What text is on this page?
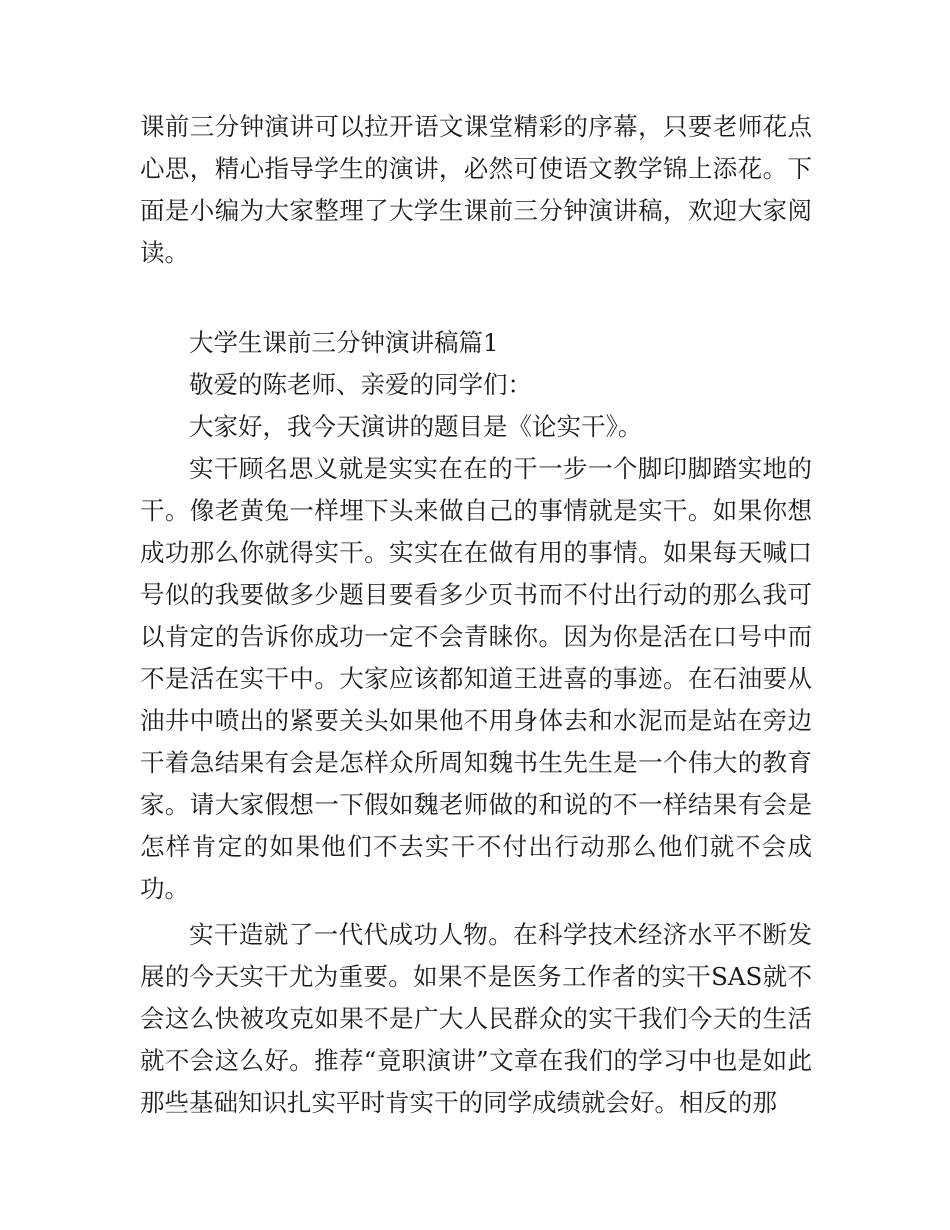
课前三分钟演讲可以拉开语文课堂精彩的序幕，只要老师花点心思，精心指导学生的演讲，必然可使语文教学锦上添花。下面是小编为大家整理了大学生课前三分钟演讲稿，欢迎大家阅读。

大学生课前三分钟演讲稿篇1

敬爱的陈老师、亲爱的同学们：

大家好，我今天演讲的题目是《论实干》。

实干顾名思义就是实实在在的干一步一个脚印脚踏实地的干。像老黄兔一样埋下头来做自己的事情就是实干。如果你想成功那么你就得实干。实实在在做有用的事情。如果每天喊口号似的我要做多少题目要看多少页书而不付出行动的那么我可以肯定的告诉你成功一定不会青睐你。因为你是活在口号中而不是活在实干中。大家应该都知道王进喜的事迹。在石油要从油井中喷出的紧要关头如果他不用身体去和水泥而是站在旁边干着急结果有会是怎样众所周知魏书生先生是一个伟大的教育家。请大家假想一下假如魏老师做的和说的不一样结果有会是怎样肯定的如果他们不去实干不付出行动那么他们就不会成功。

实干造就了一代代成功人物。在科学技术经济水平不断发展的今天实干尤为重要。如果不是医务工作者的实干SAS就不会这么快被攻克如果不是广大人民群众的实干我们今天的生活就不会这么好。推荐“竟职演讲”文章在我们的学习中也是如此那些基础知识扎实平时肯实干的同学成绩就会好。相反的那
